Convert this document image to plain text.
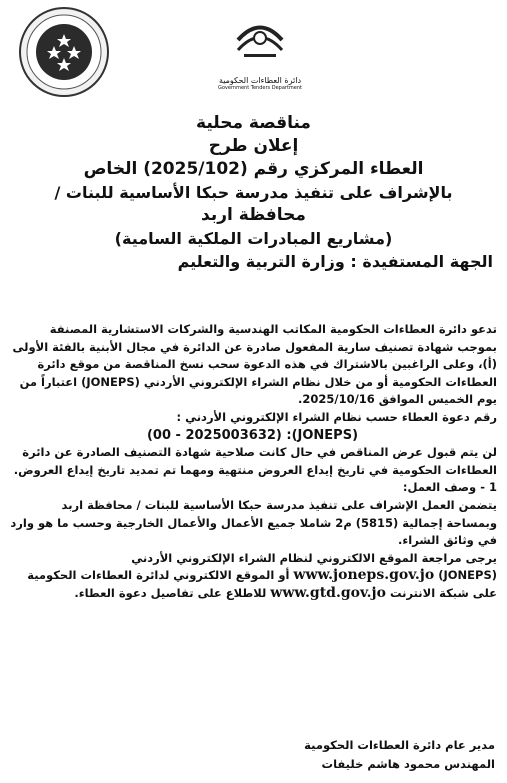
دائرة العطاءات الحكومية
Government Tenders Department
مناقصة محلية
إعلان طرح
العطاء المركزي رقم (2025/102) الخاص
بالإشراف على تنفيذ مدرسة حبكا الأساسية للبنات /
محافظة اربد
(مشاريع المبادرات الملكية السامية)
الجهة المستفيدة : وزارة التربية والتعليم

تدعو دائرة العطاءات الحكومية المكاتب الهندسية والشركات الاستشارية المصنفة بموجب شهادة تصنيف سارية المفعول صادرة عن الدائرة في مجال الأبنية بالفئة الأولى (أ)، وعلى الراغبين بالاشتراك في هذه الدعوة سحب نسخ المناقصة من موقع دائرة العطاءات الحكومية أو من خلال نظام الشراء الإلكتروني الأردني (JONEPS) اعتباراً من يوم الخميس الموافق 2025/10/16.

رقم دعوة العطاء حسب نظام الشراء الإلكتروني الأردني :

(JONEPS): (00 - 2025003632)

لن يتم قبول عرض المناقص في حال كانت صلاحية شهادة التصنيف الصادرة عن دائرة العطاءات الحكومية في تاريخ إيداع العروض منتهية ومهما تم تمديد تاريخ إيداع العروض.

1 - وصف العمل:

يتضمن العمل الإشراف على تنفيذ مدرسة حبكا الأساسية للبنات / محافظة اربد وبمساحة إجمالية (5815) م2 شاملا جميع الأعمال والأعمال الخارجية وحسب ما هو وارد في وثائق الشراء.

يرجى مراجعة الموقع الالكتروني لنظام الشراء الإلكتروني الأردني www.joneps.gov.jo (JONEPS) أو الموقع الالكتروني لدائرة العطاءات الحكومية على شبكة الانترنت www.gtd.gov.jo للاطلاع على تفاصيل دعوة العطاء.

مدير عام دائرة العطاءات الحكومية
المهندس محمود هاشم خليفات
